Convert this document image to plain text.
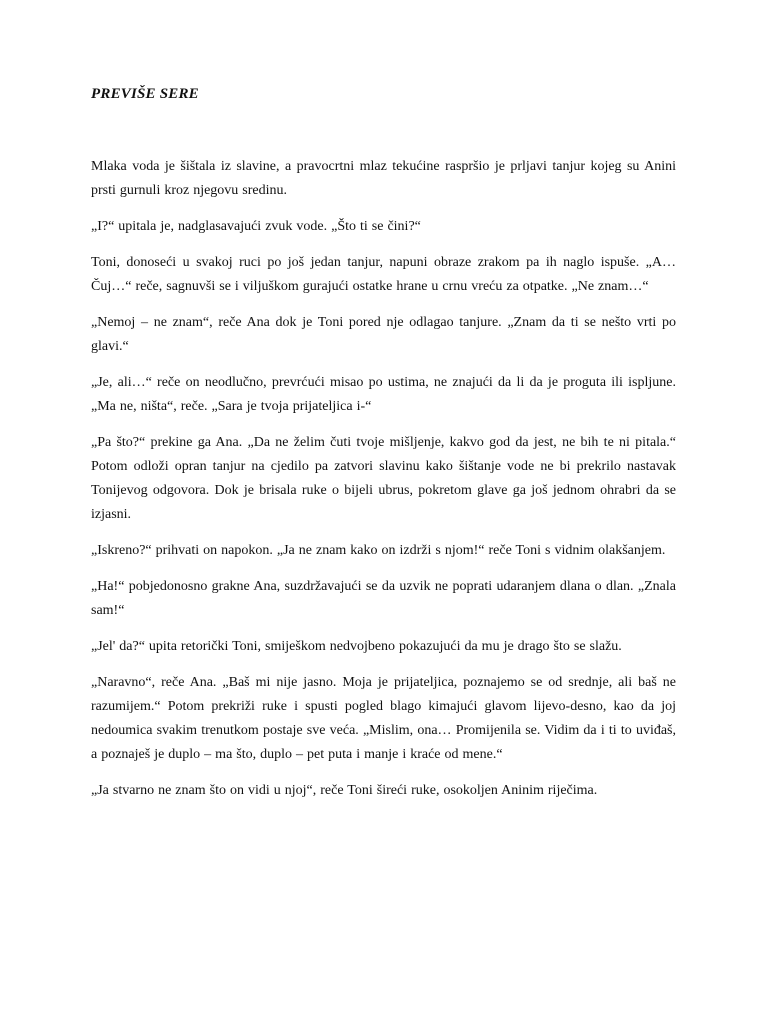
PREVIŠE SERE

Mlaka voda je šištala iz slavine, a pravocrtni mlaz tekućine raspršio je prljavi tanjur kojeg su Anini prsti gurnuli kroz njegovu sredinu.

„I?“ upitala je, nadglasavajući zvuk vode. „Što ti se čini?“

Toni, donoseći u svakoj ruci po još jedan tanjur, napuni obraze zrakom pa ih naglo ispuše. „A… Čuj…“ reče, sagnuvši se i viljuškom gurajući ostatke hrane u crnu vreću za otpatke. „Ne znam…“

„Nemoj – ne znam“, reče Ana dok je Toni pored nje odlagao tanjure. „Znam da ti se nešto vrti po glavi.“

„Je, ali…“ reče on neodlučno, prevrćući misao po ustima, ne znajući da li da je proguta ili ispljune. „Ma ne, ništa“, reče. „Sara je tvoja prijateljica i-“

„Pa što?“ prekine ga Ana. „Da ne želim čuti tvoje mišljenje, kakvo god da jest, ne bih te ni pitala.“ Potom odloži opran tanjur na cjedilo pa zatvori slavinu kako šištanje vode ne bi prekrilo nastavak Tonijevog odgovora. Dok je brisala ruke o bijeli ubrus, pokretom glave ga još jednom ohrabri da se izjasni.

„Iskreno?“ prihvati on napokon. „Ja ne znam kako on izdrži s njom!“ reče Toni s vidnim olakšanjem.

„Ha!“ pobjedonosno grakne Ana, suzdržavajući se da uzvik ne poprati udaranjem dlana o dlan. „Znala sam!“

„Jel' da?“ upita retorički Toni, smiješkom nedvojbeno pokazujući da mu je drago što se slažu.

„Naravno“, reče Ana. „Baš mi nije jasno. Moja je prijateljica, poznajemo se od srednje, ali baš ne razumijem.“ Potom prekriži ruke i spusti pogled blago kimajući glavom lijevo-desno, kao da joj nedoumica svakim trenutkom postaje sve veća. „Mislim, ona… Promijenila se. Vidim da i ti to uviđaš, a poznaješ je duplo – ma što, duplo – pet puta i manje i kraće od mene.“

„Ja stvarno ne znam što on vidi u njoj“, reče Toni šireći ruke, osokoljen Aninim riječima.
